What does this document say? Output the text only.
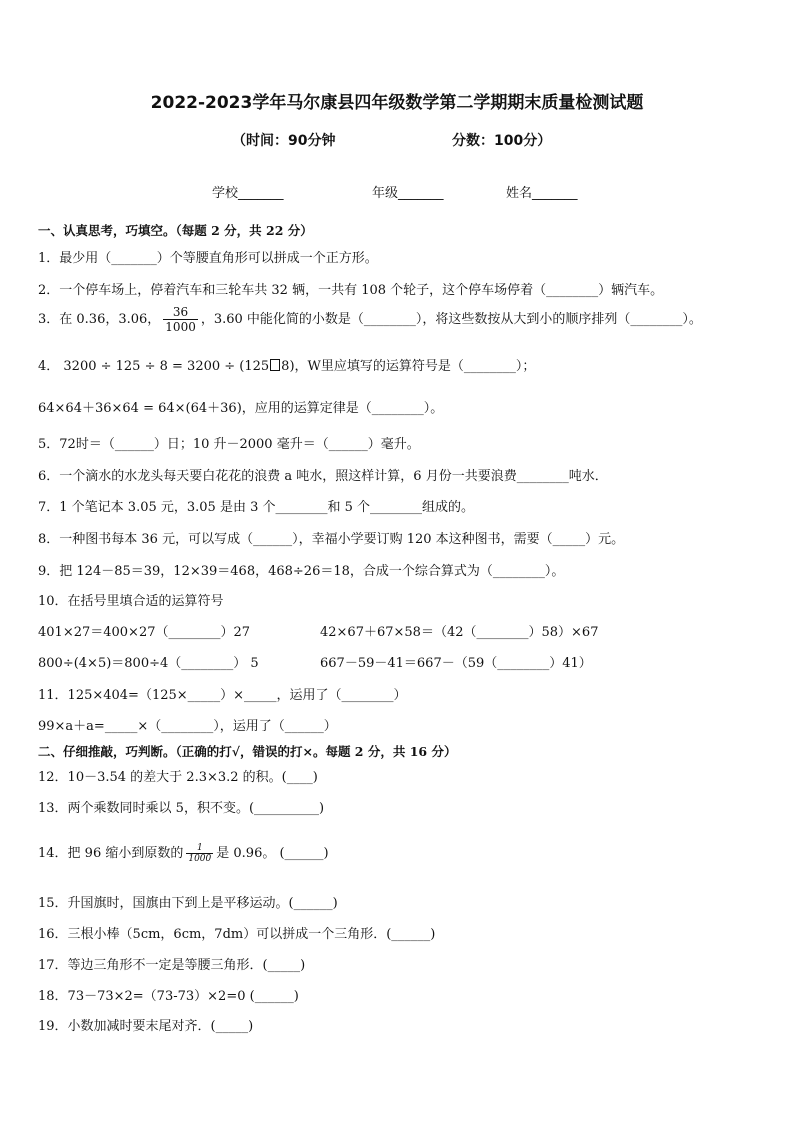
2022-2023学年马尔康县四年级数学第二学期期末质量检测试题
（时间：90分钟	分数：100分）
学校_______	年级_______	姓名_______
一、认真思考，巧填空。（每题 2 分，共 22 分）
1．最少用（_______）个等腰直角形可以拼成一个正方形。
2．一个停车场上，停着汽车和三轮车共 32 辆，一共有 108 个轮子，这个停车场停着（________）辆汽车。
3．在 0.36，3.06， $\frac{36}{1000}$ ，3.60 中能化简的小数是（________），将这些数按从大到小的顺序排列（________）。
4． 3200 ÷ 125 ÷ 8 = 3200 ÷ (125 8)，W里应填写的运算符号是（________）；
64×64＋36×64 = 64×(64＋36)，应用的运算定律是（________）。
5．72时＝（______）日；10 升－2000 毫升＝（______）毫升。
6．一个滴水的水龙头每天要白花花的浪费 a 吨水，照这样计算，6 月份一共要浪费________吨水．
7．1 个笔记本 3.05 元，3.05 是由 3 个________和 5 个________组成的。
8．一种图书每本 36 元，可以写成（______），幸福小学要订购 120 本这种图书，需要（_____）元。
9．把 124－85＝39，12×39＝468，468÷26＝18，合成一个综合算式为（________）。
10．在括号里填合适的运算符号
401×27＝400×27（________）27	42×67＋67×58＝（42（________）58）×67
800÷(4×5)＝800÷4（________） 5	667－59－41＝667－（59（________）41）
11．125×404=（125×_____）×_____，运用了（________）
99×a＋a=_____×（________），运用了（______）
二、仔细推敲，巧判断。（正确的打√，错误的打×。每题 2 分，共 16 分）
12．10－3.54 的差大于 2.3×3.2 的积。(____)
13．两个乘数同时乘以 5，积不变。(__________)
14．把 96 缩小到原数的 $\frac{1}{1000}$ 是 0.96。 (______)
15．升国旗时，国旗由下到上是平移运动。(______)
16．三根小棒（5cm，6cm，7dm）可以拼成一个三角形．(______)
17．等边三角形不一定是等腰三角形．(_____)
18．73－73×2=（73-73）×2=0 (______)
19．小数加减时要末尾对齐．(_____)
